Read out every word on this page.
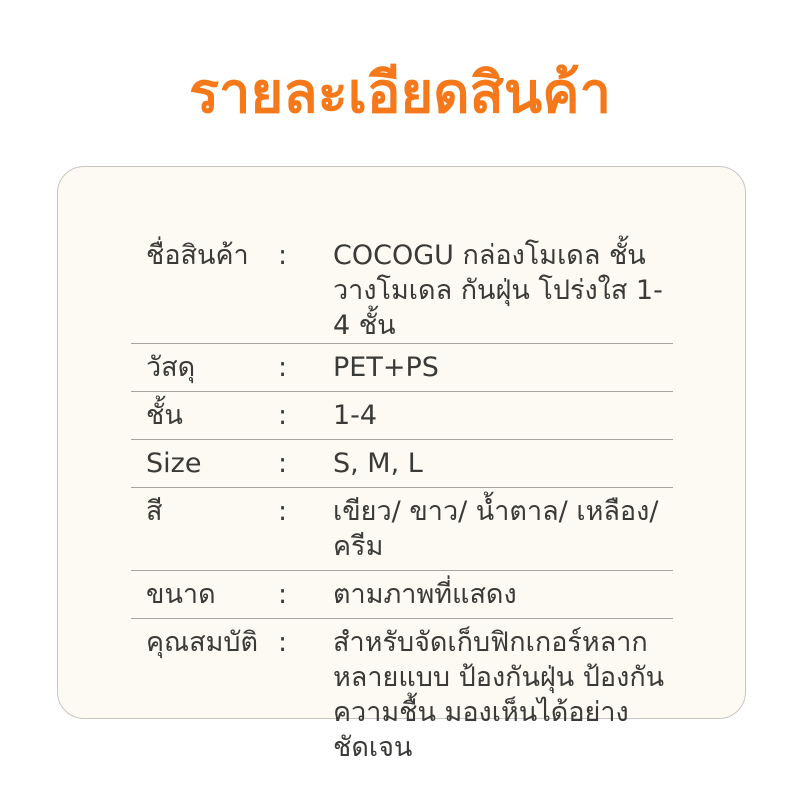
รายละเอียดสินค้า
ชื่อสินค้า	:	COCOGU กล่องโมเดล ชั้นวางโมเดล กันฝุ่น โปร่งใส 1-4 ชั้น
วัสดุ	:	PET+PS
ชั้น	:	1-4
Size	:	S, M, L
สี	:	เขียว/ ขาว/ น้ำตาล/ เหลือง/ ครีม
ขนาด	:	ตามภาพที่แสดง
คุณสมบัติ :	สำหรับจัดเก็บฟิกเกอร์หลากหลายแบบ ป้องกันฝุ่น ป้องกันความชื้น มองเห็นได้อย่างชัดเจน
